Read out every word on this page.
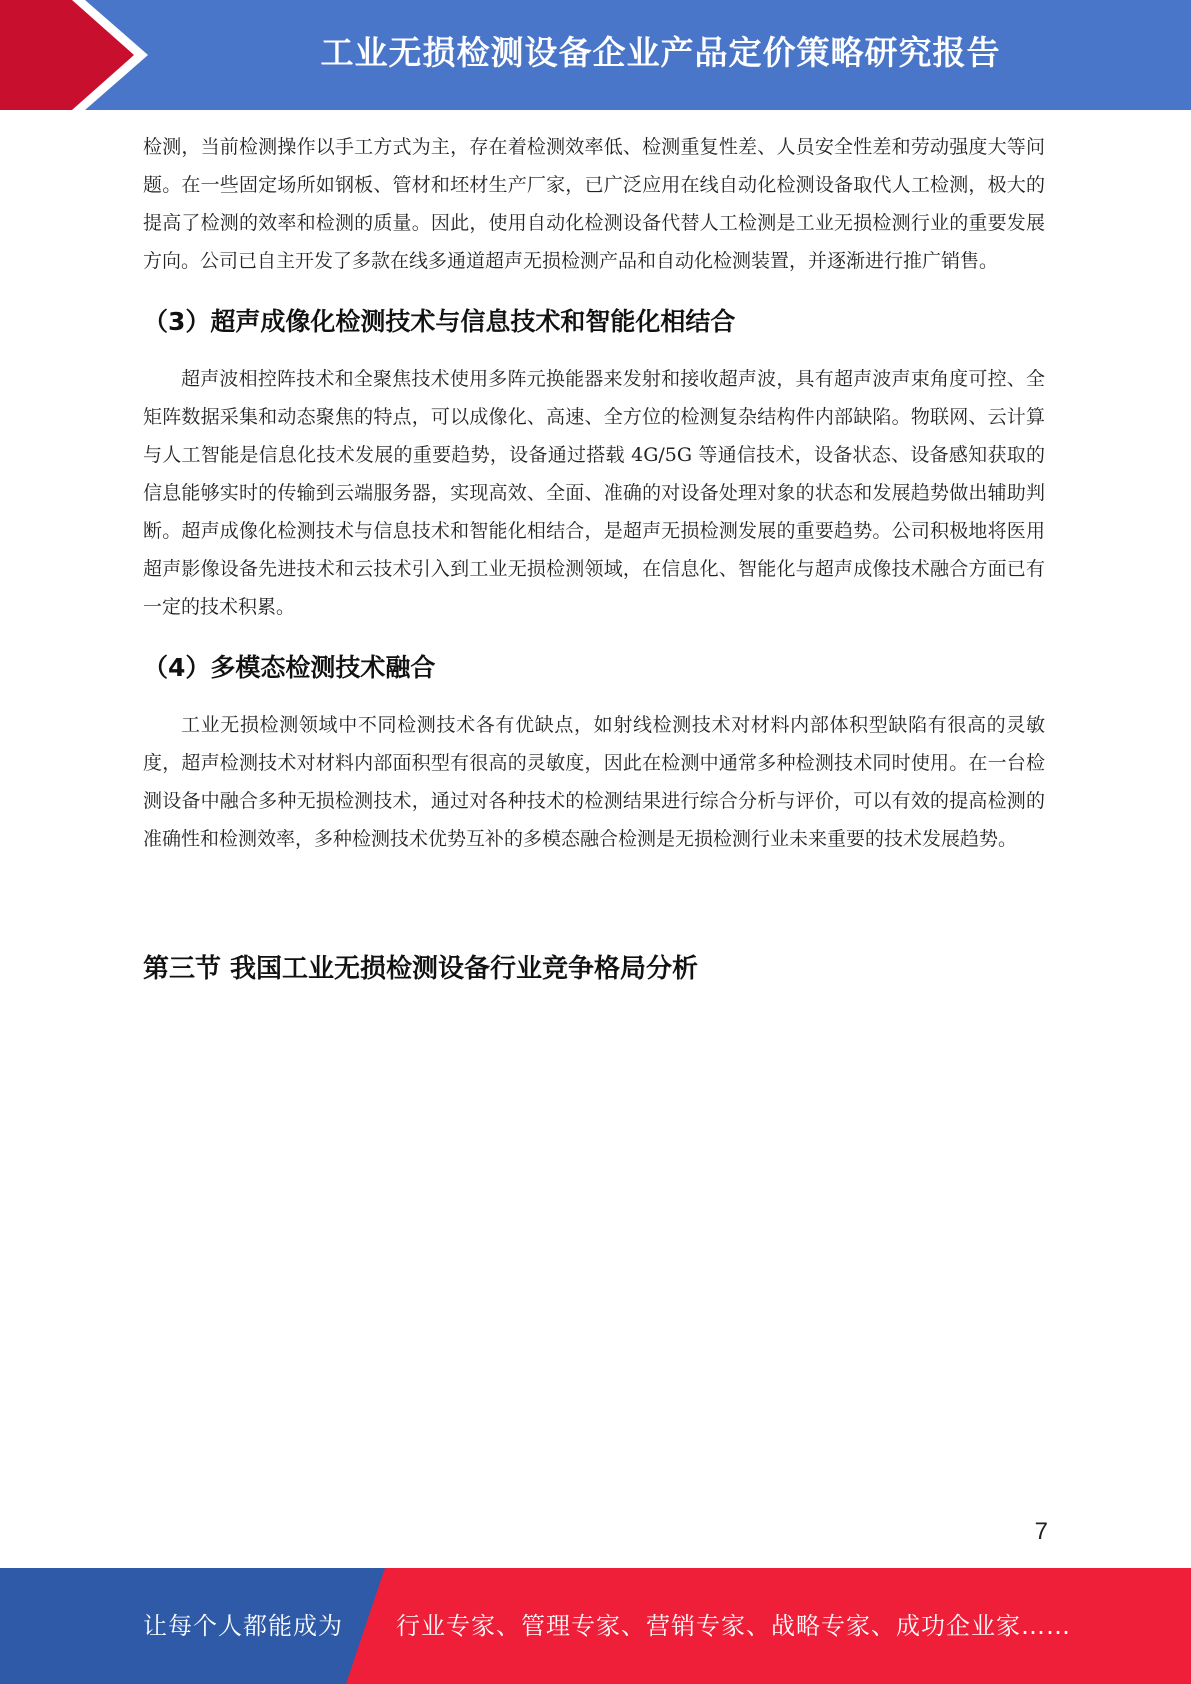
工业无损检测设备企业产品定价策略研究报告

检测，当前检测操作以手工方式为主，存在着检测效率低、检测重复性差、人员安全性差和劳动强度大等问题。在一些固定场所如钢板、管材和坯材生产厂家，已广泛应用在线自动化检测设备取代人工检测，极大的提高了检测的效率和检测的质量。因此，使用自动化检测设备代替人工检测是工业无损检测行业的重要发展方向。公司已自主开发了多款在线多通道超声无损检测产品和自动化检测装置，并逐渐进行推广销售。

（3）超声成像化检测技术与信息技术和智能化相结合

超声波相控阵技术和全聚焦技术使用多阵元换能器来发射和接收超声波，具有超声波声束角度可控、全矩阵数据采集和动态聚焦的特点，可以成像化、高速、全方位的检测复杂结构件内部缺陷。物联网、云计算与人工智能是信息化技术发展的重要趋势，设备通过搭载 4G/5G 等通信技术，设备状态、设备感知获取的信息能够实时的传输到云端服务器，实现高效、全面、准确的对设备处理对象的状态和发展趋势做出辅助判断。超声成像化检测技术与信息技术和智能化相结合，是超声无损检测发展的重要趋势。公司积极地将医用超声影像设备先进技术和云技术引入到工业无损检测领域，在信息化、智能化与超声成像技术融合方面已有一定的技术积累。

（4）多模态检测技术融合

工业无损检测领域中不同检测技术各有优缺点，如射线检测技术对材料内部体积型缺陷有很高的灵敏度，超声检测技术对材料内部面积型有很高的灵敏度，因此在检测中通常多种检测技术同时使用。在一台检测设备中融合多种无损检测技术，通过对各种技术的检测结果进行综合分析与评价，可以有效的提高检测的准确性和检测效率，多种检测技术优势互补的多模态融合检测是无损检测行业未来重要的技术发展趋势。

第三节 我国工业无损检测设备行业竞争格局分析
7
让每个人都能成为 行业专家、管理专家、营销专家、战略专家、成功企业家……
